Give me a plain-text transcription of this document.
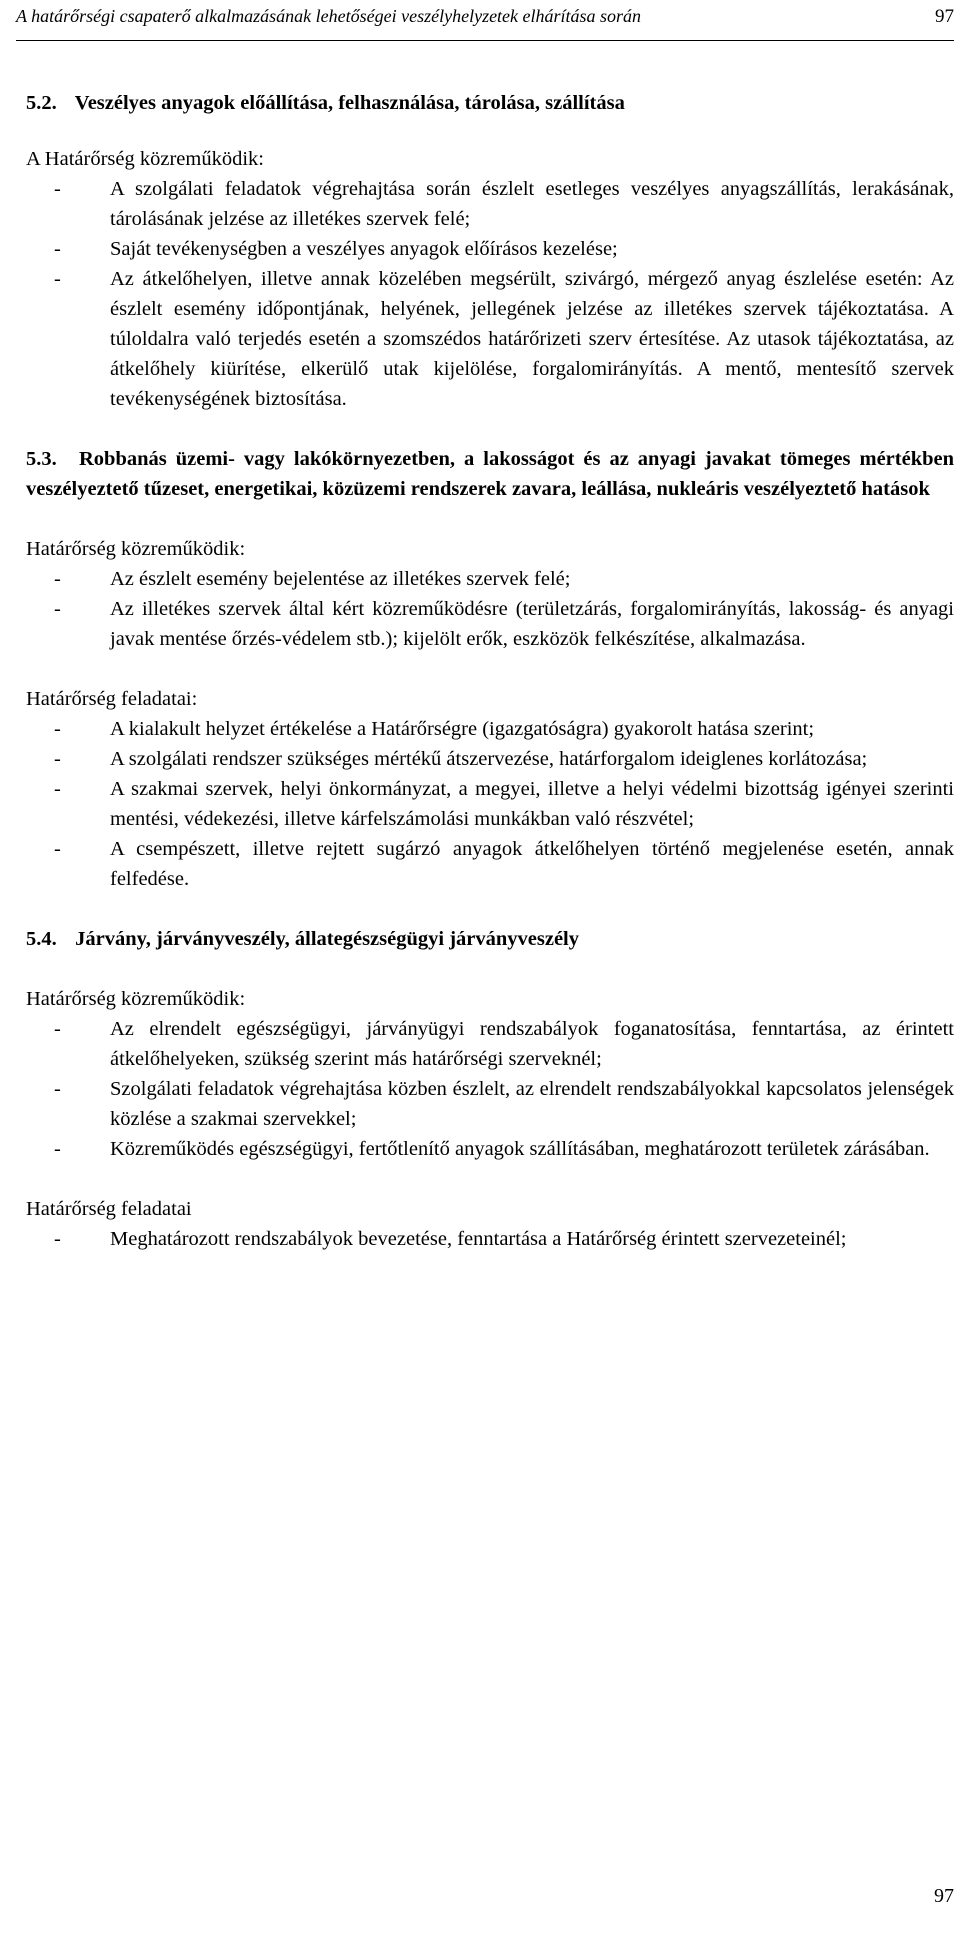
A határőrségi csapaterő alkalmazásának lehetőségei veszélyhelyzetek elhárítása során	97
5.2. Veszélyes anyagok előállítása, felhasználása, tárolása, szállítása
A Határőrség közreműködik:
- A szolgálati feladatok végrehajtása során észlelt esetleges veszélyes anyagszállítás, lerakásának, tárolásának jelzése az illetékes szervek felé;
- Saját tevékenységben a veszélyes anyagok előírásos kezelése;
- Az átkelőhelyen, illetve annak közelében megsérült, szivárgó, mérgező anyag észlelése esetén: Az észlelt esemény időpontjának, helyének, jellegének jelzése az illetékes szervek tájékoztatása. A túloldalra való terjedés esetén a szomszédos határőrizeti szerv értesítése. Az utasok tájékoztatása, az átkelőhely kiürítése, elkerülő utak kijelölése, forgalomirányítás. A mentő, mentesítő szervek tevékenységének biztosítása.
5.3. Robbanás üzemi- vagy lakókörnyezetben, a lakosságot és az anyagi javakat tömeges mértékben veszélyeztető tűzeset, energetikai, közüzemi rendszerek zavara, leállása, nukleáris veszélyeztető hatások
Határőrség közreműködik:
- Az észlelt esemény bejelentése az illetékes szervek felé;
- Az illetékes szervek által kért közreműködésre (területzárás, forgalomirányítás, lakosság- és anyagi javak mentése őrzés-védelem stb.); kijelölt erők, eszközök felkészítése, alkalmazása.
Határőrség feladatai:
- A kialakult helyzet értékelése a Határőrségre (igazgatóságra) gyakorolt hatása szerint;
- A szolgálati rendszer szükséges mértékű átszervezése, határforgalom ideiglenes korlátozása;
- A szakmai szervek, helyi önkormányzat, a megyei, illetve a helyi védelmi bizottság igényei szerinti mentési, védekezési, illetve kárfelszámolási munkákban való részvétel;
- A csempészett, illetve rejtett sugárzó anyagok átkelőhelyen történő megjelenése esetén, annak felfedése.
5.4. Járvány, járványveszély, állategészségügyi járványveszély
Határőrség közreműködik:
- Az elrendelt egészségügyi, járványügyi rendszabályok foganatosítása, fenntartása, az érintett átkelőhelyeken, szükség szerint más határőrségi szerveknél;
- Szolgálati feladatok végrehajtása közben észlelt, az elrendelt rendszabályokkal kapcsolatos jelenségek közlése a szakmai szervekkel;
- Közreműködés egészségügyi, fertőtlenítő anyagok szállításában, meghatározott területek zárásában.
Határőrség feladatai
- Meghatározott rendszabályok bevezetése, fenntartása a Határőrség érintett szervezeteinél;
97
